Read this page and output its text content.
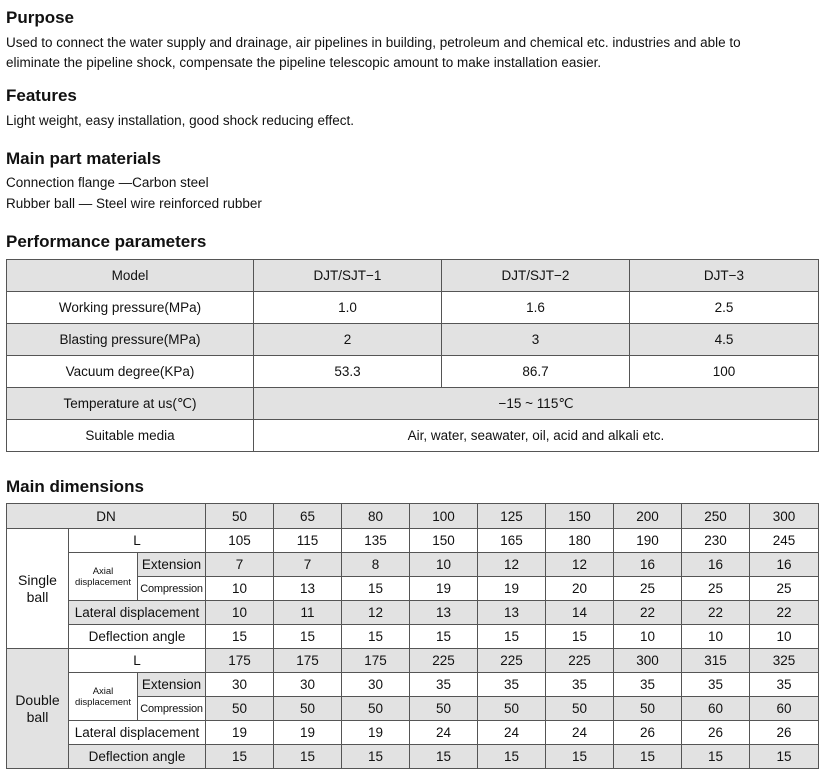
Purpose

Used to connect the water supply and drainage, air pipelines in building, petroleum and chemical etc. industries and able to

eliminate the pipeline shock, compensate the pipeline telescopic amount to make installation easier.

Features

Light weight, easy installation, good shock reducing effect.

Main part materials

Connection flange —Carbon steel

Rubber ball — Steel wire reinforced rubber

Performance parameters
Model	DJT/SJT−1	DJT/SJT−2	DJT−3
Working pressure(MPa)	1.0	1.6	2.5
Blasting pressure(MPa)	2	3	4.5
Vacuum degree(KPa)	53.3	86.7	100
Temperature at us(℃)	−15 ~ 115℃		
Suitable media	Air, water, seawater, oil, acid and alkali etc.		
Main dimensions
DN			50	65	80	100	125	150	200	250	300
Single ball	L		105	115	135	150	165	180	190	230	245
	Axial displacement	Extension	7	7	8	10	12	12	16	16	16
		Compression	10	13	15	19	19	20	25	25	25
	Lateral displacement		10	11	12	13	13	14	22	22	22
	Deflection angle		15	15	15	15	15	15	10	10	10
Double ball	L		175	175	175	225	225	225	300	315	325
	Axial displacement	Extension	30	30	30	35	35	35	35	35	35
		Compression	50	50	50	50	50	50	50	60	60
	Lateral displacement		19	19	19	24	24	24	26	26	26
	Deflection angle		15	15	15	15	15	15	15	15	15
